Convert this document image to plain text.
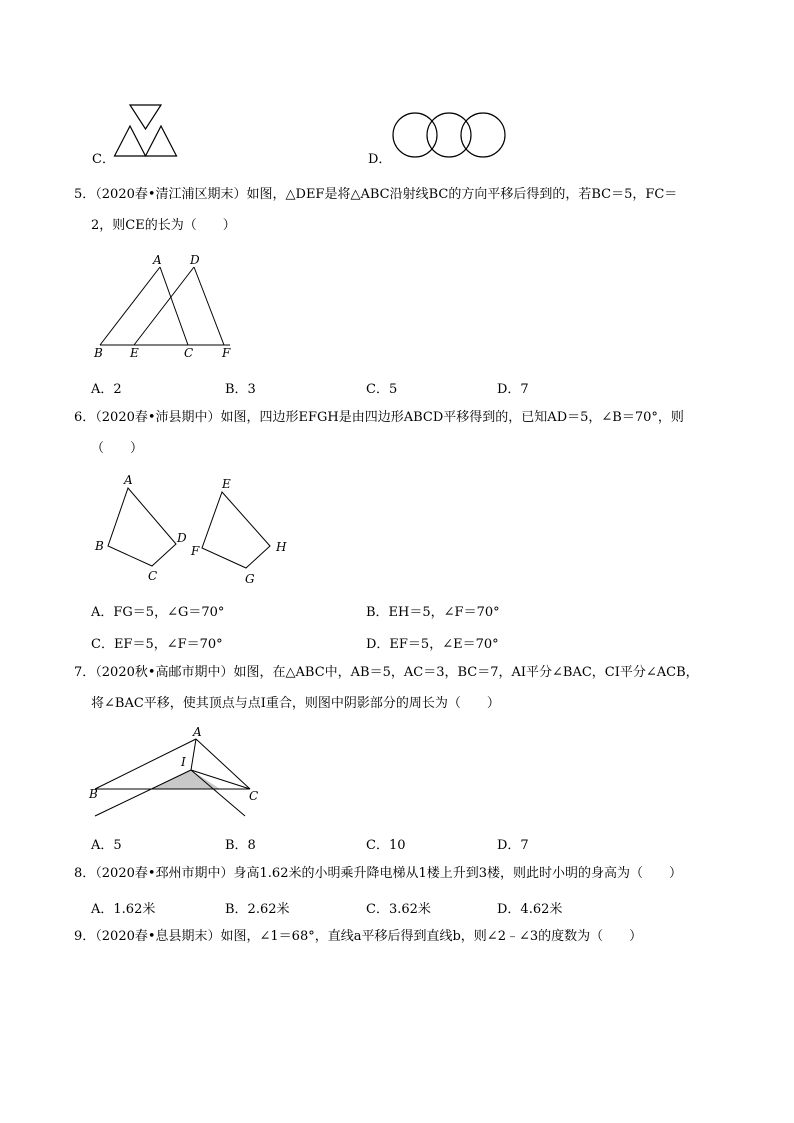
C．	D．
5．（2020春•清江浦区期末）如图，△DEF是将△ABC沿射线BC的方向平移后得到的，若BC＝5，FC＝
2，则CE的长为（　　）
A D
B E	C F
A．2	B．3	C．5	D．7
6．（2020春•沛县期中）如图，四边形EFGH是由四边形ABCD平移得到的，已知AD＝5，∠B＝70°，则
（　　）
A
B
C
D
E
F
G
H
A．FG＝5，∠G＝70°	B．EH＝5，∠F＝70°
C．EF＝5，∠F＝70°	D．EF＝5，∠E＝70°
7．（2020秋•高邮市期中）如图，在△ABC中，AB＝5，AC＝3，BC＝7，AI平分∠BAC，CI平分∠ACB，
将∠BAC平移，使其顶点与点I重合，则图中阴影部分的周长为（　　）
A
I
B	C
A．5	B．8	C．10	D．7
8．（2020春•邳州市期中）身高1.62米的小明乘升降电梯从1楼上升到3楼，则此时小明的身高为（　　）
A．1.62米	B．2.62米	C．3.62米	D．4.62米
9．（2020春•息县期末）如图，∠1＝68°，直线a平移后得到直线b，则∠2﹣∠3的度数为（　　）
